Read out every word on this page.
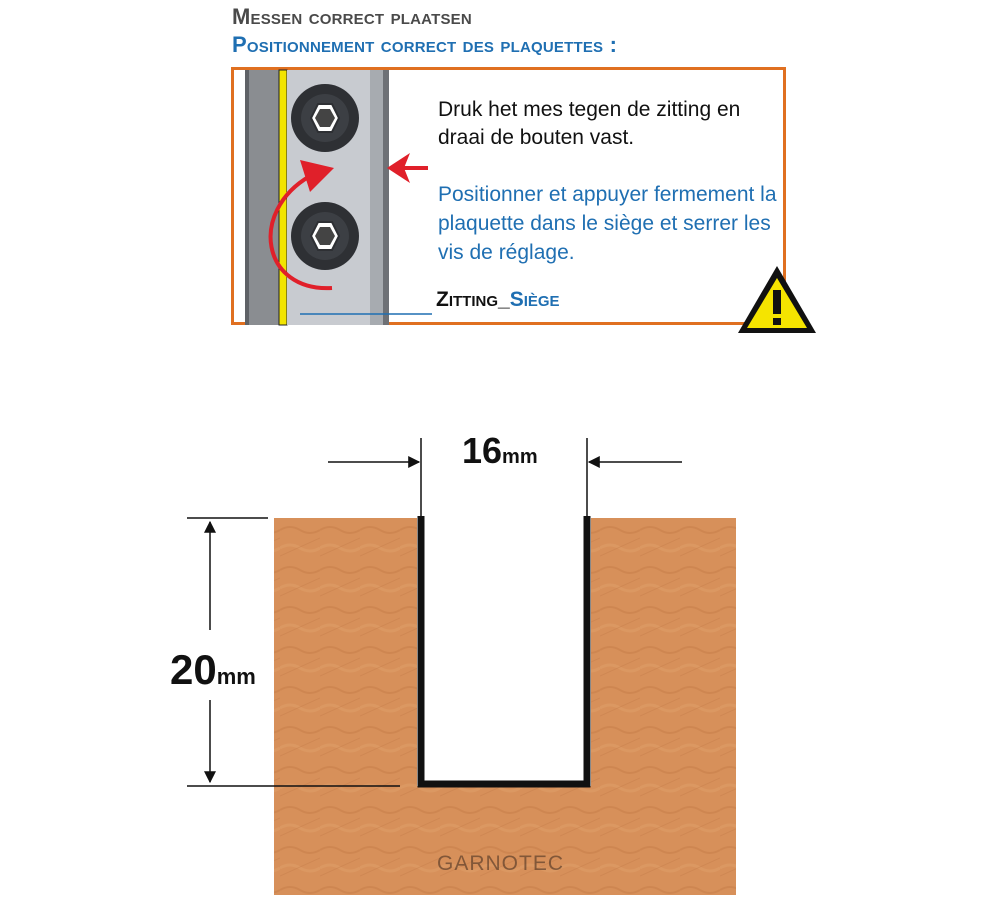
Messen correct plaatsen
Positionnement correct des plaquettes :
Druk het mes tegen de zitting en draai de bouten vast.
Positionner et appuyer fermement la plaquette dans le siège et serrer les vis de réglage.
Zitting_Siège
16mm
20mm
GARNOTEC
